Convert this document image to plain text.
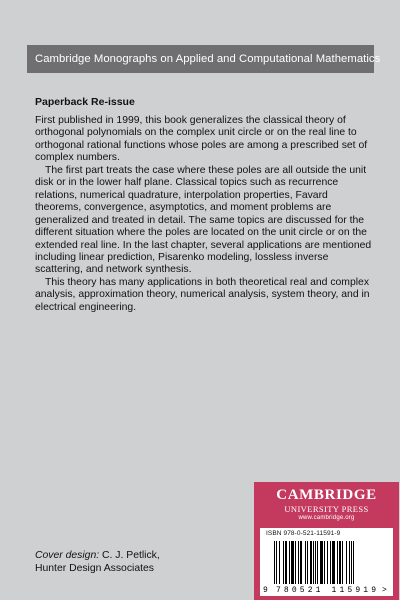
Cambridge Monographs on Applied and Computational Mathematics
Paperback Re-issue

First published in 1999, this book generalizes the classical theory of orthogonal polynomials on the complex unit circle or on the real line to orthogonal rational functions whose poles are among a prescribed set of complex numbers.

The first part treats the case where these poles are all outside the unit disk or in the lower half plane. Classical topics such as recurrence relations, numerical quadrature, interpolation properties, Favard theorems, convergence, asymptotics, and moment problems are generalized and treated in detail. The same topics are discussed for the different situation where the poles are located on the unit circle or on the extended real line. In the last chapter, several applications are mentioned including linear prediction, Pisarenko modeling, lossless inverse scattering, and network synthesis.

This theory has many applications in both theoretical real and complex analysis, approximation theory, numerical analysis, system theory, and in electrical engineering.

CAMBRIDGE
UNIVERSITY PRESS
www.cambridge.org
ISBN 978-0-521-11591-9
9 780521 115919 >
Cover design: C. J. Petlick,
Hunter Design Associates
